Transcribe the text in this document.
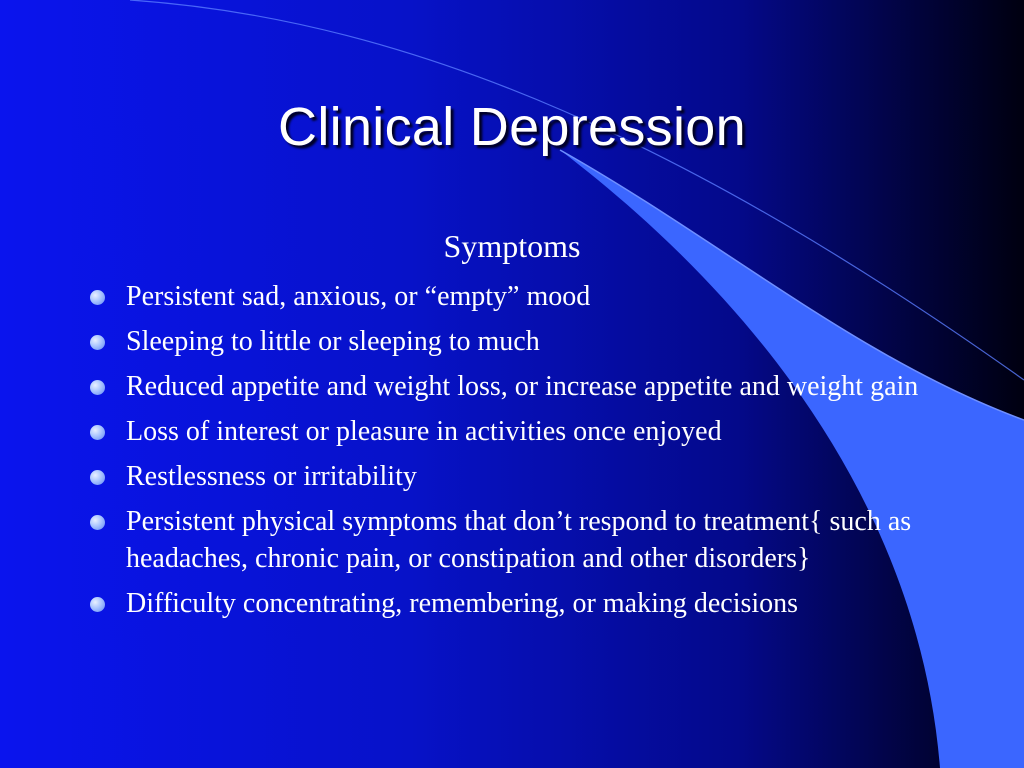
Clinical Depression
Symptoms
Persistent sad, anxious, or “empty” mood
Sleeping to little or sleeping to much
Reduced appetite and weight loss, or increase appetite and weight gain
Loss of interest or pleasure in activities once enjoyed
Restlessness or irritability
Persistent physical symptoms that don’t respond to treatment{ such as headaches, chronic pain, or constipation and other disorders}
Difficulty concentrating, remembering, or making decisions
